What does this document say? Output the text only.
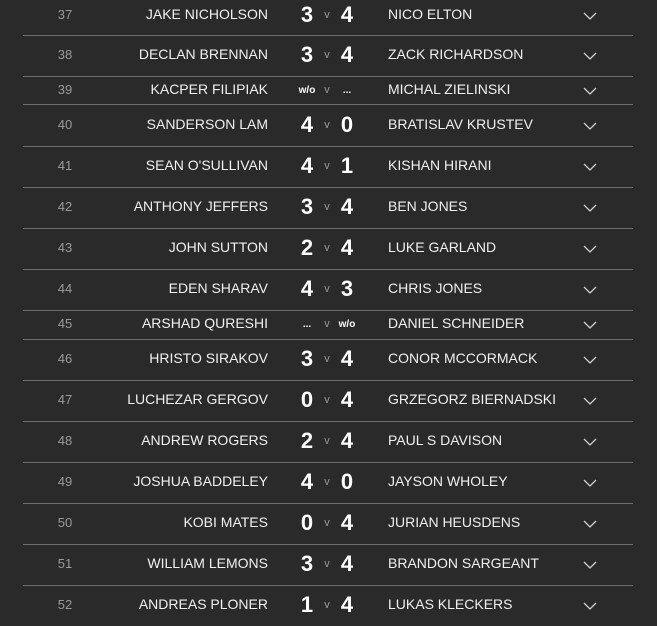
37	JAKE NICHOLSON	3	v 4	NICO ELTON
38	DECLAN BRENNAN	3	v 4	ZACK RICHARDSON
39	KACPER FILIPIAK	w/o v	...	MICHAL ZIELINSKI
40	SANDERSON LAM	4	v 0	BRATISLAV KRUSTEV
41	SEAN O'SULLIVAN	4	v 1	KISHAN HIRANI
42	ANTHONY JEFFERS	3	v 4	BEN JONES
43	JOHN SUTTON	2	v 4	LUKE GARLAND
44	EDEN SHARAV	4	v 3	CHRIS JONES
45	ARSHAD QURESHI	...	v w/o	DANIEL SCHNEIDER
46	HRISTO SIRAKOV	3	v 4	CONOR MCCORMACK
47	LUCHEZAR GERGOV	0	v 4	GRZEGORZ BIERNADSKI
48	ANDREW ROGERS	2	v 4	PAUL S DAVISON
49	JOSHUA BADDELEY	4	v 0	JAYSON WHOLEY
50	KOBI MATES	0	v 4	JURIAN HEUSDENS
51	WILLIAM LEMONS	3	v 4	BRANDON SARGEANT
52	ANDREAS PLONER	1	v 4	LUKAS KLECKERS
